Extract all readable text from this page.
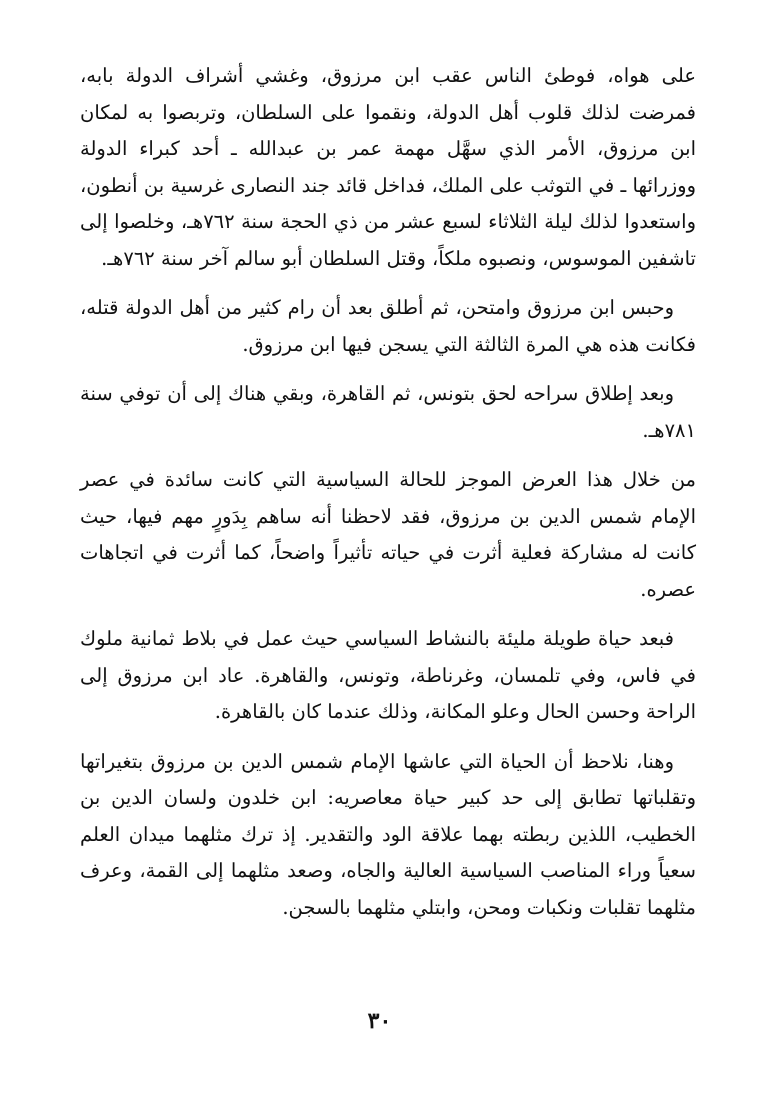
على هواه، فوطئ الناس عقب ابن مرزوق، وغشي أشراف الدولة بابه، فمرضت لذلك قلوب أهل الدولة، ونقموا على السلطان، وتربصوا به لمكان ابن مرزوق، الأمر الذي سهَّل مهمة عمر بن عبدالله ـ أحد كبراء الدولة ووزرائها ـ في التوثب على الملك، فداخل قائد جند النصارى غرسية بن أنطون، واستعدوا لذلك ليلة الثلاثاء لسبع عشر من ذي الحجة سنة ٧٦٢هـ، وخلصوا إلى تاشفين الموسوس، ونصبوه ملكاً، وقتل السلطان أبو سالم آخر سنة ٧٦٢هـ.

وحبس ابن مرزوق وامتحن، ثم أطلق بعد أن رام كثير من أهل الدولة قتله، فكانت هذه هي المرة الثالثة التي يسجن فيها ابن مرزوق.

وبعد إطلاق سراحه لحق بتونس، ثم القاهرة، وبقي هناك إلى أن توفي سنة ٧٨١هـ.

من خلال هذا العرض الموجز للحالة السياسية التي كانت سائدة في عصر الإمام شمس الدين بن مرزوق، فقد لاحظنا أنه ساهم بِدَورٍ مهم فيها، حيث كانت له مشاركة فعلية أثرت في حياته تأثيراً واضحاً، كما أثرت في اتجاهات عصره.

فبعد حياة طويلة مليئة بالنشاط السياسي حيث عمل في بلاط ثمانية ملوك في فاس، وفي تلمسان، وغرناطة، وتونس، والقاهرة. عاد ابن مرزوق إلى الراحة وحسن الحال وعلو المكانة، وذلك عندما كان بالقاهرة.

وهنا، نلاحظ أن الحياة التي عاشها الإمام شمس الدين بن مرزوق بتغيراتها وتقلباتها تطابق إلى حد كبير حياة معاصريه: ابن خلدون ولسان الدين بن الخطيب، اللذين ربطته بهما علاقة الود والتقدير. إذ ترك مثلهما ميدان العلم سعياً وراء المناصب السياسية العالية والجاه، وصعد مثلهما إلى القمة، وعرف مثلهما تقلبات ونكبات ومحن، وابتلي مثلهما بالسجن.

٣٠
